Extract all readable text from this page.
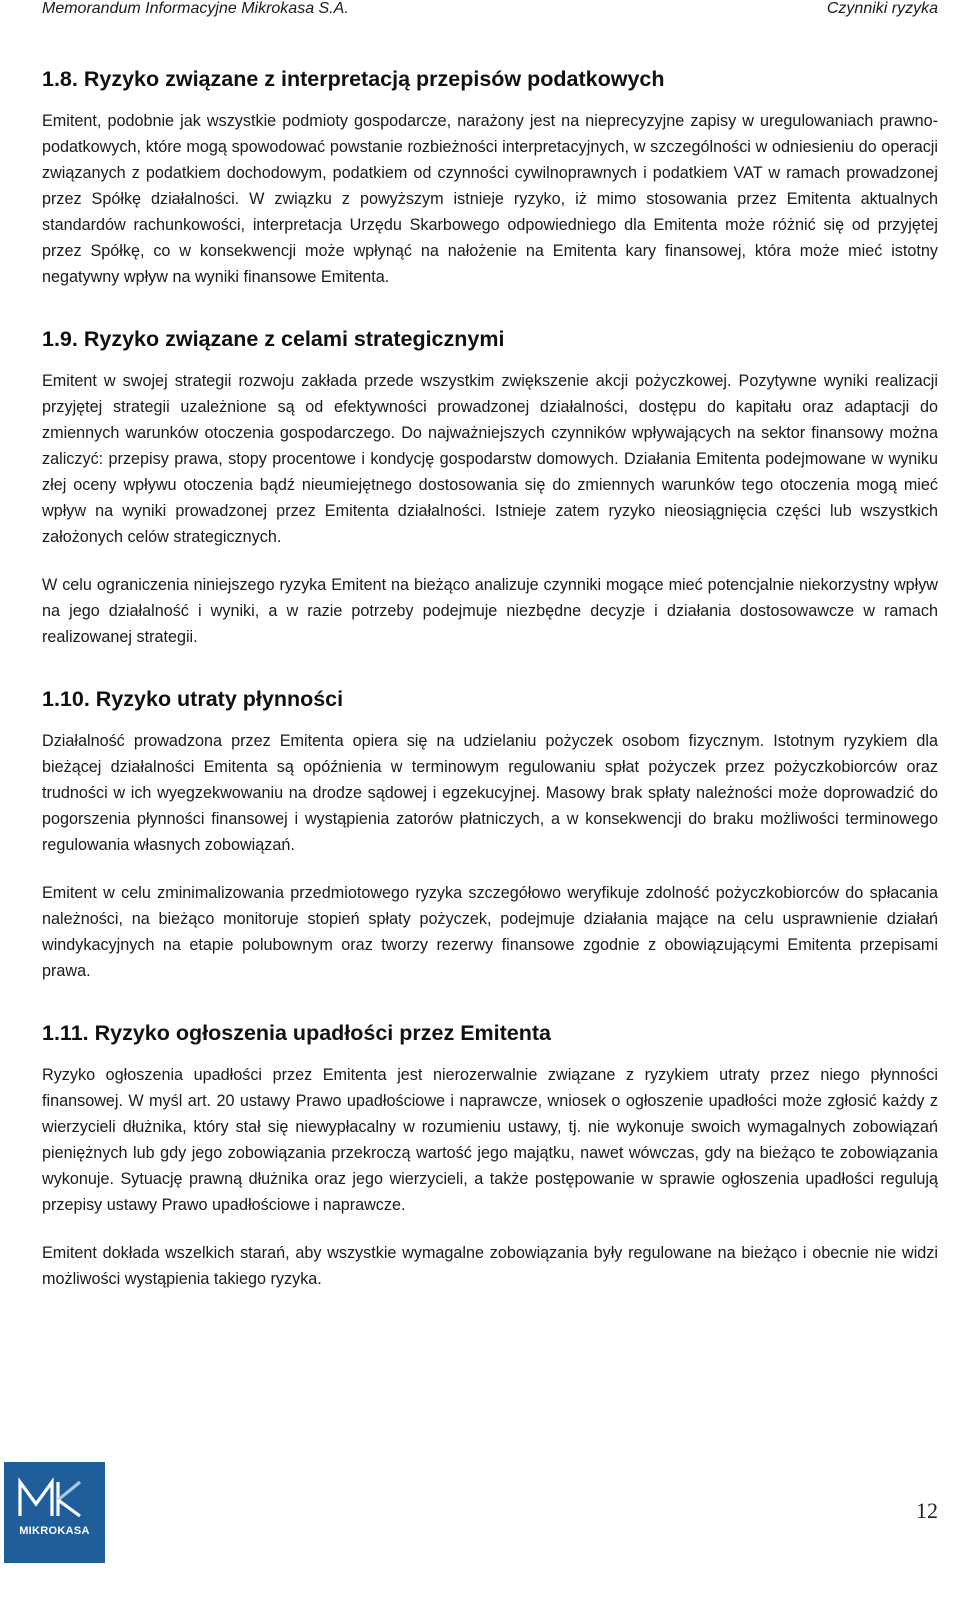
Memorandum Informacyjne Mikrokasa S.A.	Czynniki ryzyka
1.8. Ryzyko związane z interpretacją przepisów podatkowych

Emitent, podobnie jak wszystkie podmioty gospodarcze, narażony jest na nieprecyzyjne zapisy w uregulowaniach prawno-podatkowych, które mogą spowodować powstanie rozbieżności interpretacyjnych, w szczególności w odniesieniu do operacji związanych z podatkiem dochodowym, podatkiem od czynności cywilnoprawnych i podatkiem VAT w ramach prowadzonej przez Spółkę działalności. W związku z powyższym istnieje ryzyko, iż mimo stosowania przez Emitenta aktualnych standardów rachunkowości, interpretacja Urzędu Skarbowego odpowiedniego dla Emitenta może różnić się od przyjętej przez Spółkę, co w konsekwencji może wpłynąć na nałożenie na Emitenta kary finansowej, która może mieć istotny negatywny wpływ na wyniki finansowe Emitenta.

1.9. Ryzyko związane z celami strategicznymi

Emitent w swojej strategii rozwoju zakłada przede wszystkim zwiększenie akcji pożyczkowej. Pozytywne wyniki realizacji przyjętej strategii uzależnione są od efektywności prowadzonej działalności, dostępu do kapitału oraz adaptacji do zmiennych warunków otoczenia gospodarczego. Do najważniejszych czynników wpływających na sektor finansowy można zaliczyć: przepisy prawa, stopy procentowe i kondycję gospodarstw domowych. Działania Emitenta podejmowane w wyniku złej oceny wpływu otoczenia bądź nieumiejętnego dostosowania się do zmiennych warunków tego otoczenia mogą mieć wpływ na wyniki prowadzonej przez Emitenta działalności. Istnieje zatem ryzyko nieosiągnięcia części lub wszystkich założonych celów strategicznych.

W celu ograniczenia niniejszego ryzyka Emitent na bieżąco analizuje czynniki mogące mieć potencjalnie niekorzystny wpływ na jego działalność i wyniki, a w razie potrzeby podejmuje niezbędne decyzje i działania dostosowawcze w ramach realizowanej strategii.

1.10. Ryzyko utraty płynności

Działalność prowadzona przez Emitenta opiera się na udzielaniu pożyczek osobom fizycznym. Istotnym ryzykiem dla bieżącej działalności Emitenta są opóźnienia w terminowym regulowaniu spłat pożyczek przez pożyczkobiorców oraz trudności w ich wyegzekwowaniu na drodze sądowej i egzekucyjnej. Masowy brak spłaty należności może doprowadzić do pogorszenia płynności finansowej i wystąpienia zatorów płatniczych, a w konsekwencji do braku możliwości terminowego regulowania własnych zobowiązań.

Emitent w celu zminimalizowania przedmiotowego ryzyka szczegółowo weryfikuje zdolność pożyczkobiorców do spłacania należności, na bieżąco monitoruje stopień spłaty pożyczek, podejmuje działania mające na celu usprawnienie działań windykacyjnych na etapie polubownym oraz tworzy rezerwy finansowe zgodnie z obowiązującymi Emitenta przepisami prawa.

1.11. Ryzyko ogłoszenia upadłości przez Emitenta

Ryzyko ogłoszenia upadłości przez Emitenta jest nierozerwalnie związane z ryzykiem utraty przez niego płynności finansowej. W myśl art. 20 ustawy Prawo upadłościowe i naprawcze, wniosek o ogłoszenie upadłości może zgłosić każdy z wierzycieli dłużnika, który stał się niewypłacalny w rozumieniu ustawy, tj. nie wykonuje swoich wymagalnych zobowiązań pieniężnych lub gdy jego zobowiązania przekroczą wartość jego majątku, nawet wówczas, gdy na bieżąco te zobowiązania wykonuje. Sytuację prawną dłużnika oraz jego wierzycieli, a także postępowanie w sprawie ogłoszenia upadłości regulują przepisy ustawy Prawo upadłościowe i naprawcze.

Emitent dokłada wszelkich starań, aby wszystkie wymagalne zobowiązania były regulowane na bieżąco i obecnie nie widzi możliwości wystąpienia takiego ryzyka.

MIKROKASA
12
